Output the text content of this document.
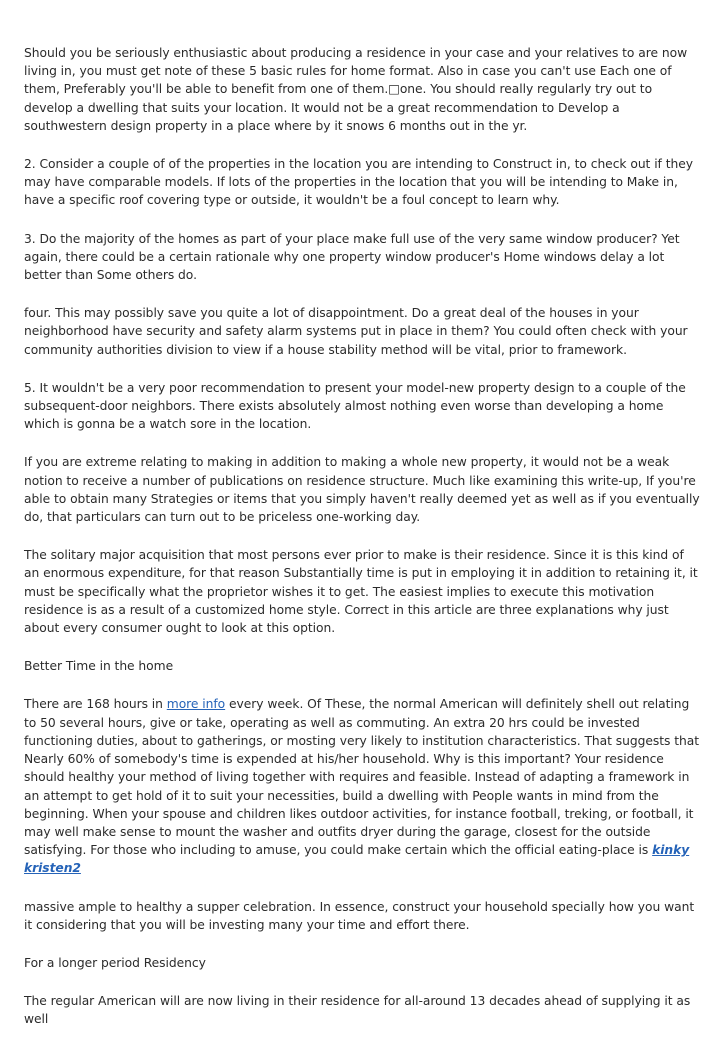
Should you be seriously enthusiastic about producing a residence in your case and your relatives to are now living in, you must get note of these 5 basic rules for home format. Also in case you can't use Each one of them, Preferably you'll be able to benefit from one of them.□one. You should really regularly try out to develop a dwelling that suits your location. It would not be a great recommendation to Develop a southwestern design property in a place where by it snows 6 months out in the yr.

2. Consider a couple of of the properties in the location you are intending to Construct in, to check out if they may have comparable models. If lots of the properties in the location that you will be intending to Make in, have a specific roof covering type or outside, it wouldn't be a foul concept to learn why.

3. Do the majority of the homes as part of your place make full use of the very same window producer? Yet again, there could be a certain rationale why one property window producer's Home windows delay a lot better than Some others do.

four. This may possibly save you quite a lot of disappointment. Do a great deal of the houses in your neighborhood have security and safety alarm systems put in place in them? You could often check with your community authorities division to view if a house stability method will be vital, prior to framework.

5. It wouldn't be a very poor recommendation to present your model-new property design to a couple of the subsequent-door neighbors. There exists absolutely almost nothing even worse than developing a home which is gonna be a watch sore in the location.

If you are extreme relating to making in addition to making a whole new property, it would not be a weak notion to receive a number of publications on residence structure. Much like examining this write-up, If you're able to obtain many Strategies or items that you simply haven't really deemed yet as well as if you eventually do, that particulars can turn out to be priceless one-working day.

The solitary major acquisition that most persons ever prior to make is their residence. Since it is this kind of an enormous expenditure, for that reason Substantially time is put in employing it in addition to retaining it, it must be specifically what the proprietor wishes it to get. The easiest implies to execute this motivation residence is as a result of a customized home style. Correct in this article are three explanations why just about every consumer ought to look at this option.

Better Time in the home

There are 168 hours in more info every week. Of These, the normal American will definitely shell out relating to 50 several hours, give or take, operating as well as commuting. An extra 20 hrs could be invested functioning duties, about to gatherings, or mosting very likely to institution characteristics. That suggests that Nearly 60% of somebody's time is expended at his/her household. Why is this important? Your residence should healthy your method of living together with requires and feasible. Instead of adapting a framework in an attempt to get hold of it to suit your necessities, build a dwelling with People wants in mind from the beginning. When your spouse and children likes outdoor activities, for instance football, treking, or football, it may well make sense to mount the washer and outfits dryer during the garage, closest for the outside satisfying. For those who including to amuse, you could make certain which the official eating-place is kinky kristen2

massive ample to healthy a supper celebration. In essence, construct your household specially how you want it considering that you will be investing many your time and effort there.

For a longer period Residency

The regular American will are now living in their residence for all-around 13 decades ahead of supplying it as well
